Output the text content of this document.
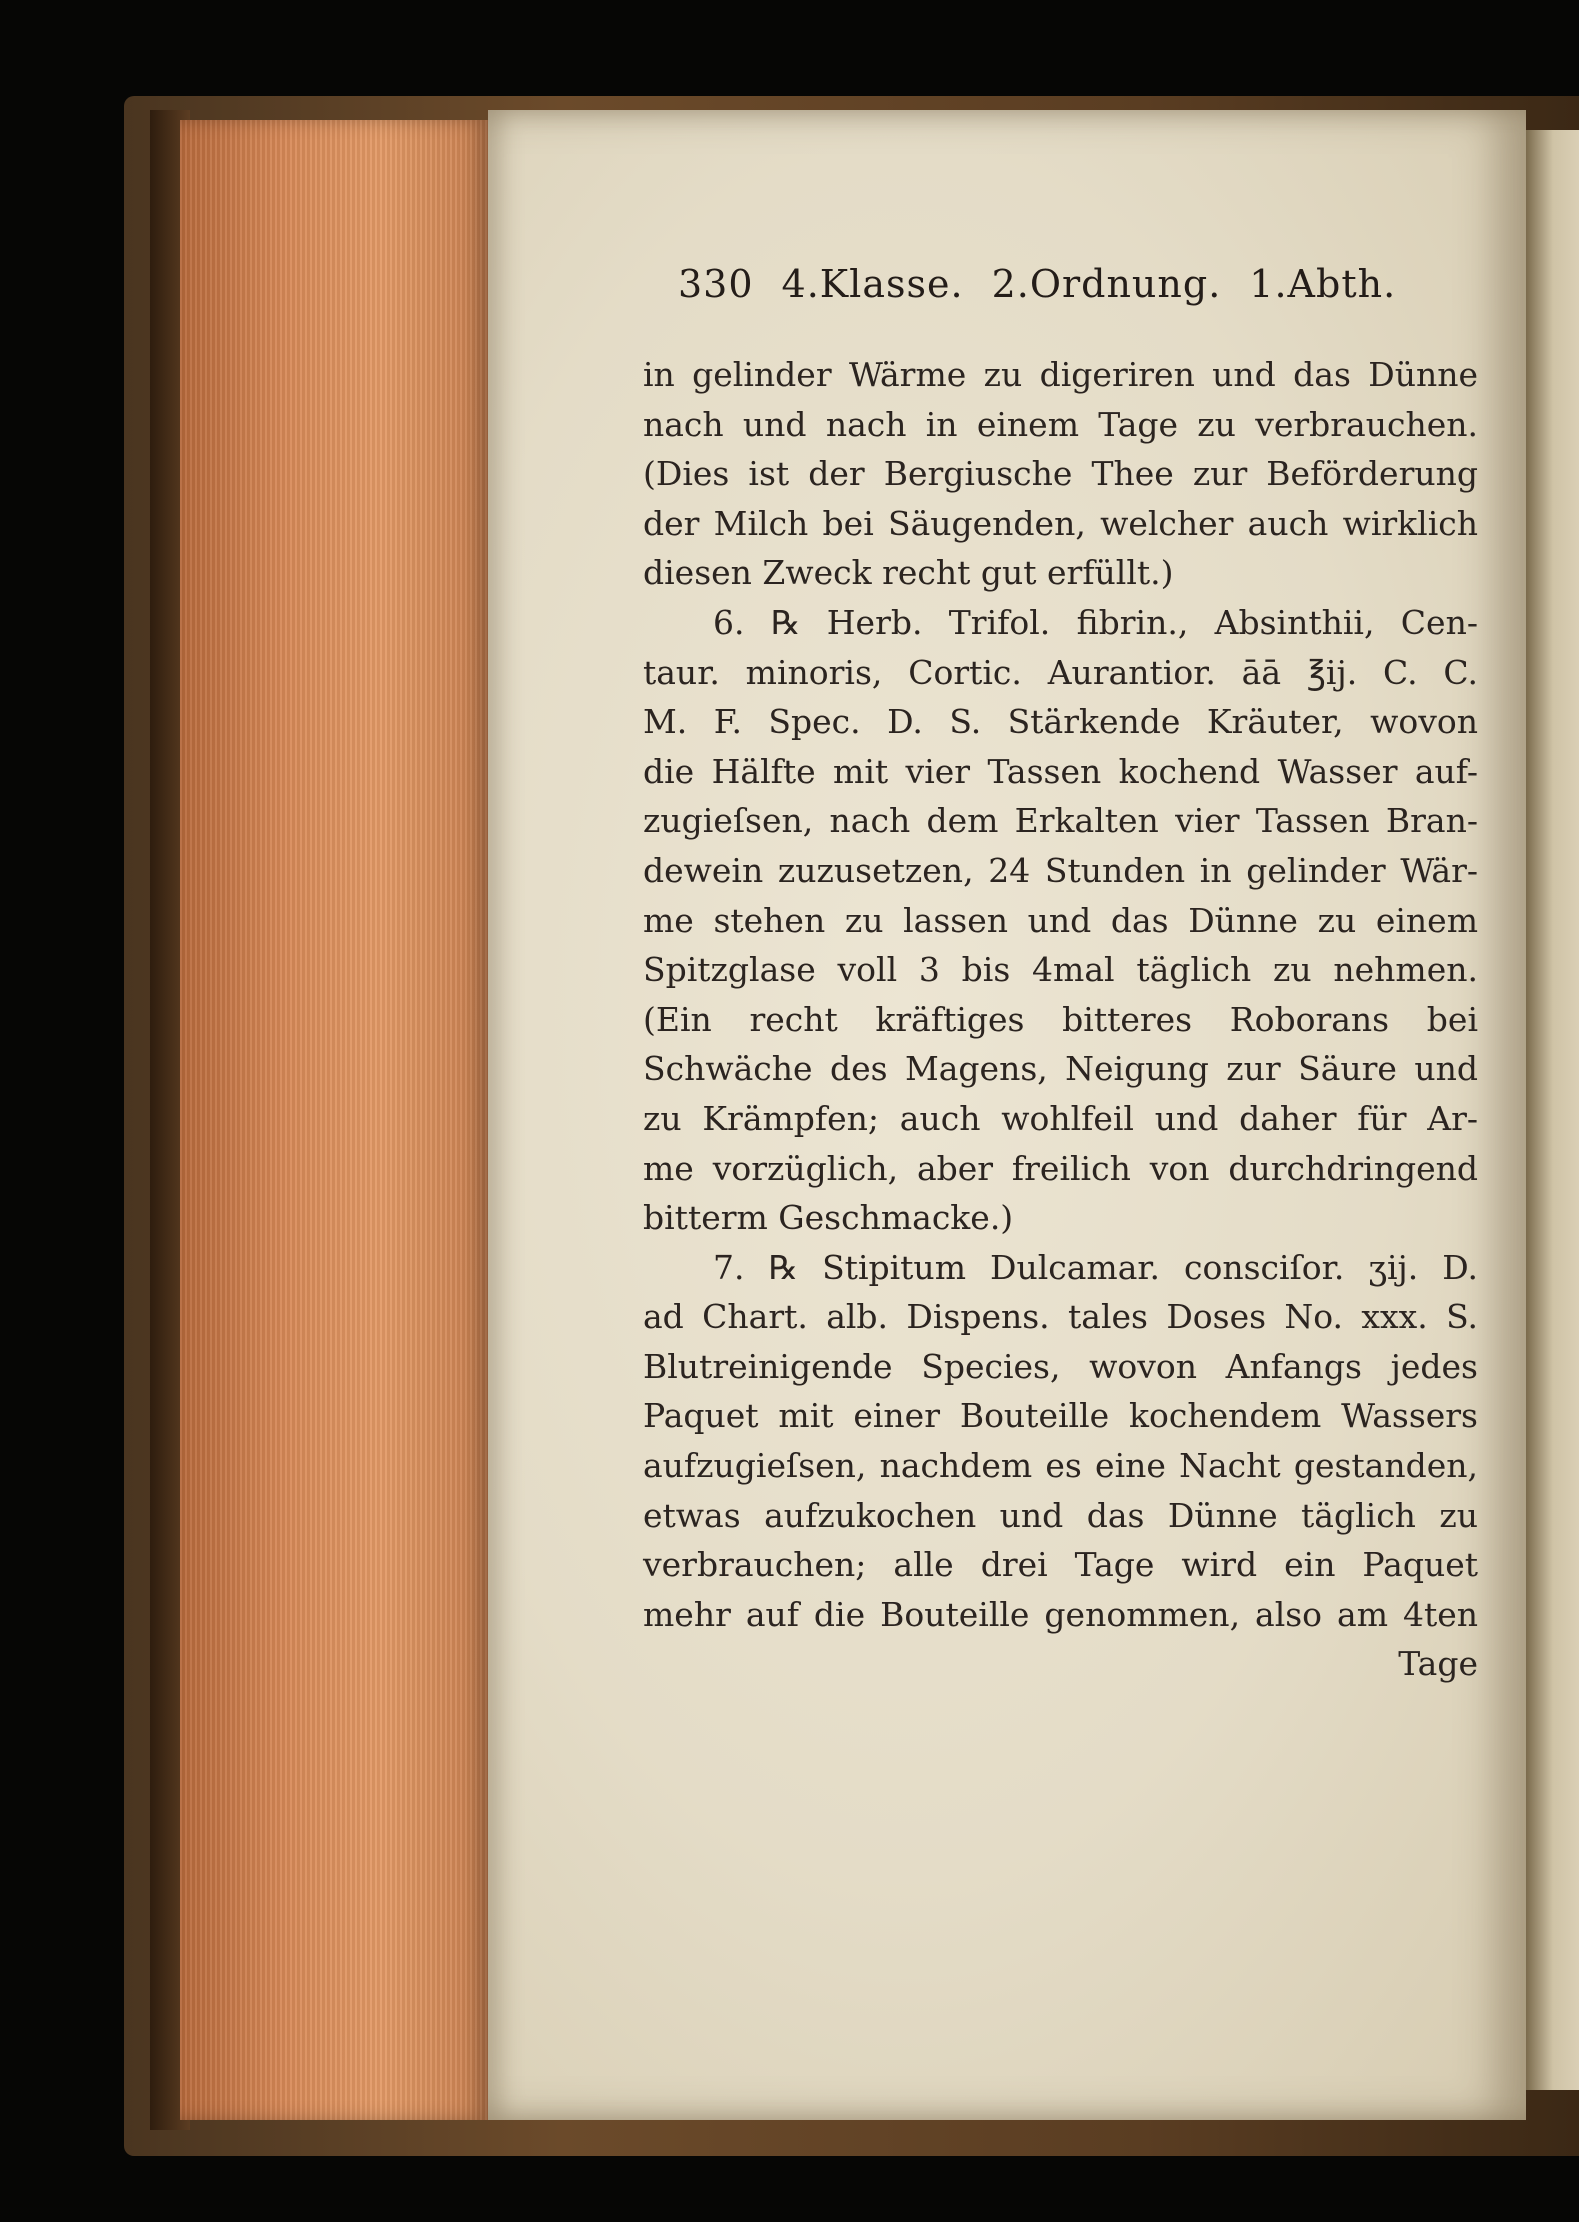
330 4.Klasse. 2.Ordnung. 1.Abth.
in gelinder Wärme zu digeriren und das Dünne
nach und nach in einem Tage zu verbrauchen.
(Dies ist der Bergiusche Thee zur Beförderung
der Milch bei Säugenden, welcher auch wirklich
diesen Zweck recht gut erfüllt.)
6. ℞ Herb. Trifol. fibrin., Absinthii, Cen-
taur. minoris, Cortic. Aurantior. āā ℥ij. C. C.
M. F. Spec. D. S. Stärkende Kräuter, wovon
die Hälfte mit vier Tassen kochend Wasser auf-
zugieſsen, nach dem Erkalten vier Tassen Bran-
dewein zuzusetzen, 24 Stunden in gelinder Wär-
me stehen zu lassen und das Dünne zu einem
Spitzglase voll 3 bis 4mal täglich zu nehmen.
(Ein recht kräftiges bitteres Roborans bei
Schwäche des Magens, Neigung zur Säure und
zu Krämpfen; auch wohlfeil und daher für Ar-
me vorzüglich, aber freilich von durchdringend
bitterm Geschmacke.)
7. ℞ Stipitum Dulcamar. consciſor. ʒij. D.
ad Chart. alb. Dispens. tales Doses No. xxx. S.
Blutreinigende Species, wovon Anfangs jedes
Paquet mit einer Bouteille kochendem Wassers
aufzugieſsen, nachdem es eine Nacht gestanden,
etwas aufzukochen und das Dünne täglich zu
verbrauchen; alle drei Tage wird ein Paquet
mehr auf die Bouteille genommen, also am 4ten
Tage
